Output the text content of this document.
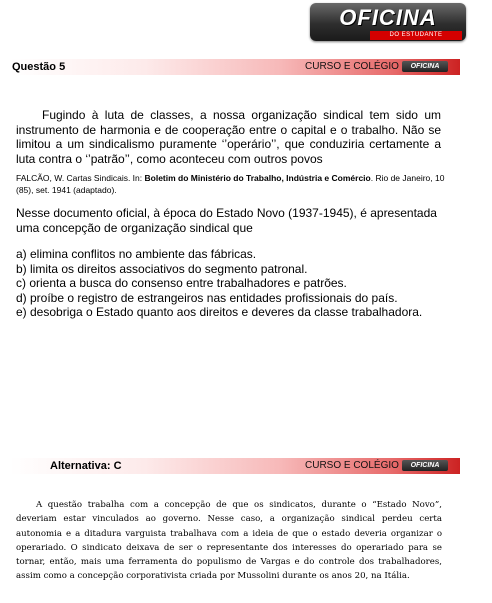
OFICINA
DO ESTUDANTE
Questão 5	CURSO E COLÉGIO	OFICINA

Fugindo à luta de classes, a nossa organização sindical tem sido um instrumento de harmonia e de cooperação entre o capital e o trabalho. Não se limitou a um sindicalismo puramente ‘’operário’’, que conduziria certamente a luta contra o ‘’patrão’’, como aconteceu com outros povos

FALCÃO, W. Cartas Sindicais. In: Boletim do Ministério do Trabalho, Indústria e Comércio. Rio de Janeiro, 10 (85), set. 1941 (adaptado).

Nesse documento oficial, à época do Estado Novo (1937-1945), é apresentada uma concepção de organização sindical que

a) elimina conflitos no ambiente das fábricas.
b) limita os direitos associativos do segmento patronal.
c) orienta a busca do consenso entre trabalhadores e patrões.
d) proíbe o registro de estrangeiros nas entidades profissionais do país.
e) desobriga o Estado quanto aos direitos e deveres da classe trabalhadora.
Alternativa: C	CURSO E COLÉGIO	OFICINA

A questão trabalha com a concepção de que os sindicatos, durante o “Estado Novo”, deveriam estar vinculados ao governo. Nesse caso, a organização sindical perdeu certa autonomia e a ditadura varguista trabalhava com a ideia de que o estado deveria organizar o operariado. O sindicato deixava de ser o representante dos interesses do operariado para se tornar, então, mais uma ferramenta do populismo de Vargas e do controle dos trabalhadores, assim como a concepção corporativista criada por Mussolini durante os anos 20, na Itália.
